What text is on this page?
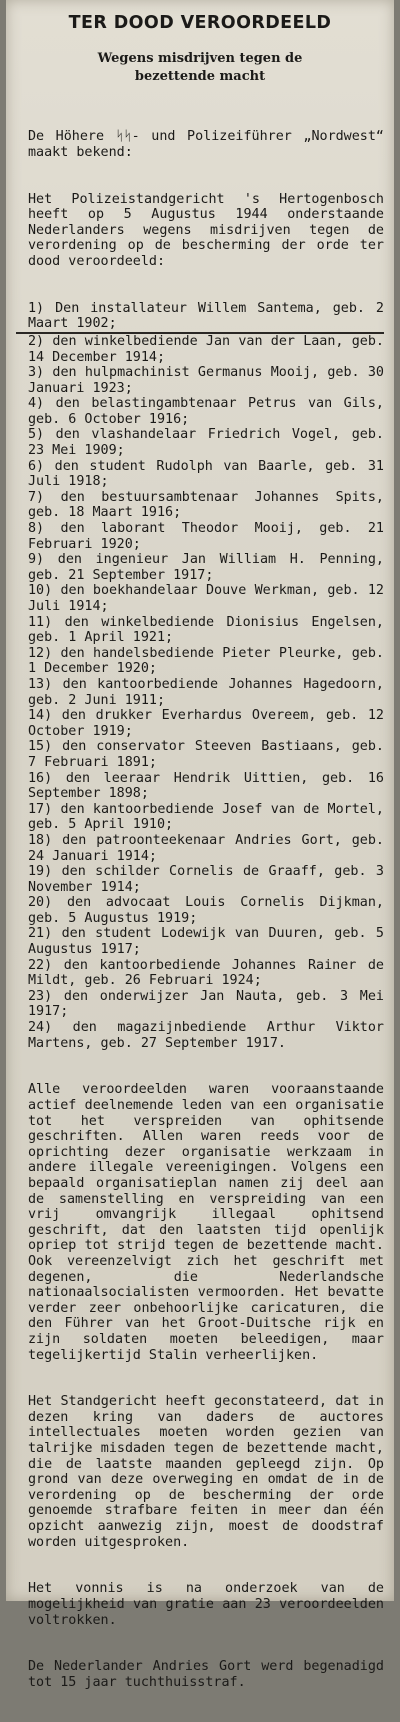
TER DOOD VEROORDEELD
Wegens misdrijven tegen de
bezettende macht

De Höhere ᛋᛋ- und Polizeiführer „Nordwest“ maakt bekend:

Het Polizeistandgericht 's Hertogenbosch heeft op 5 Augustus 1944 onderstaande Nederlanders wegens misdrijven tegen de verordening op de bescherming der orde ter dood veroordeeld:

1) Den installateur Willem Santema, geb. 2 Maart 1902;
2) den winkelbediende Jan van der Laan, geb. 14 December 1914;
3) den hulpmachinist Germanus Mooij, geb. 30 Januari 1923;
4) den belastingambtenaar Petrus van Gils, geb. 6 October 1916;
5) den vlashandelaar Friedrich Vogel, geb. 23 Mei 1909;
6) den student Rudolph van Baarle, geb. 31 Juli 1918;
7) den bestuursambtenaar Johannes Spits, geb. 18 Maart 1916;
8) den laborant Theodor Mooij, geb. 21 Februari 1920;
9) den ingenieur Jan William H. Penning, geb. 21 September 1917;
10) den boekhandelaar Douve Werkman, geb. 12 Juli 1914;
11) den winkelbediende Dionisius Engelsen, geb. 1 April 1921;
12) den handelsbediende Pieter Pleurke, geb. 1 December 1920;
13) den kantoorbediende Johannes Hagedoorn, geb. 2 Juni 1911;
14) den drukker Everhardus Overeem, geb. 12 October 1919;
15) den conservator Steeven Bastiaans, geb. 7 Februari 1891;
16) den leeraar Hendrik Uittien, geb. 16 September 1898;
17) den kantoorbediende Josef van de Mortel, geb. 5 April 1910;
18) den patroonteekenaar Andries Gort, geb. 24 Januari 1914;
19) den schilder Cornelis de Graaff, geb. 3 November 1914;
20) den advocaat Louis Cornelis Dijkman, geb. 5 Augustus 1919;
21) den student Lodewijk van Duuren, geb. 5 Augustus 1917;
22) den kantoorbediende Johannes Rainer de Mildt, geb. 26 Februari 1924;
23) den onderwijzer Jan Nauta, geb. 3 Mei 1917;
24) den magazijnbediende Arthur Viktor Martens, geb. 27 September 1917.

Alle veroordeelden waren vooraanstaande actief deelnemende leden van een organisatie tot het verspreiden van ophitsende geschriften. Allen waren reeds voor de oprichting dezer organisatie werkzaam in andere illegale vereenigingen. Volgens een bepaald organisatieplan namen zij deel aan de samenstelling en verspreiding van een vrij omvangrijk illegaal ophitsend geschrift, dat den laatsten tijd openlijk opriep tot strijd tegen de bezettende macht. Ook vereenzelvigt zich het geschrift met degenen, die Nederlandsche nationaalsocialisten vermoorden. Het bevatte verder zeer onbehoorlijke caricaturen, die den Führer van het Groot-Duitsche rijk en zijn soldaten moeten beleedigen, maar tegelijkertijd Stalin verheerlijken.

Het Standgericht heeft geconstateerd, dat in dezen kring van daders de auctores intellectuales moeten worden gezien van talrijke misdaden tegen de bezettende macht, die de laatste maanden gepleegd zijn. Op grond van deze overweging en omdat de in de verordening op de bescherming der orde genoemde strafbare feiten in meer dan één opzicht aanwezig zijn, moest de doodstraf worden uitgesproken.

Het vonnis is na onderzoek van de mogelijkheid van gratie aan 23 veroordeelden voltrokken.

De Nederlander Andries Gort werd begenadigd tot 15 jaar tuchthuisstraf.
